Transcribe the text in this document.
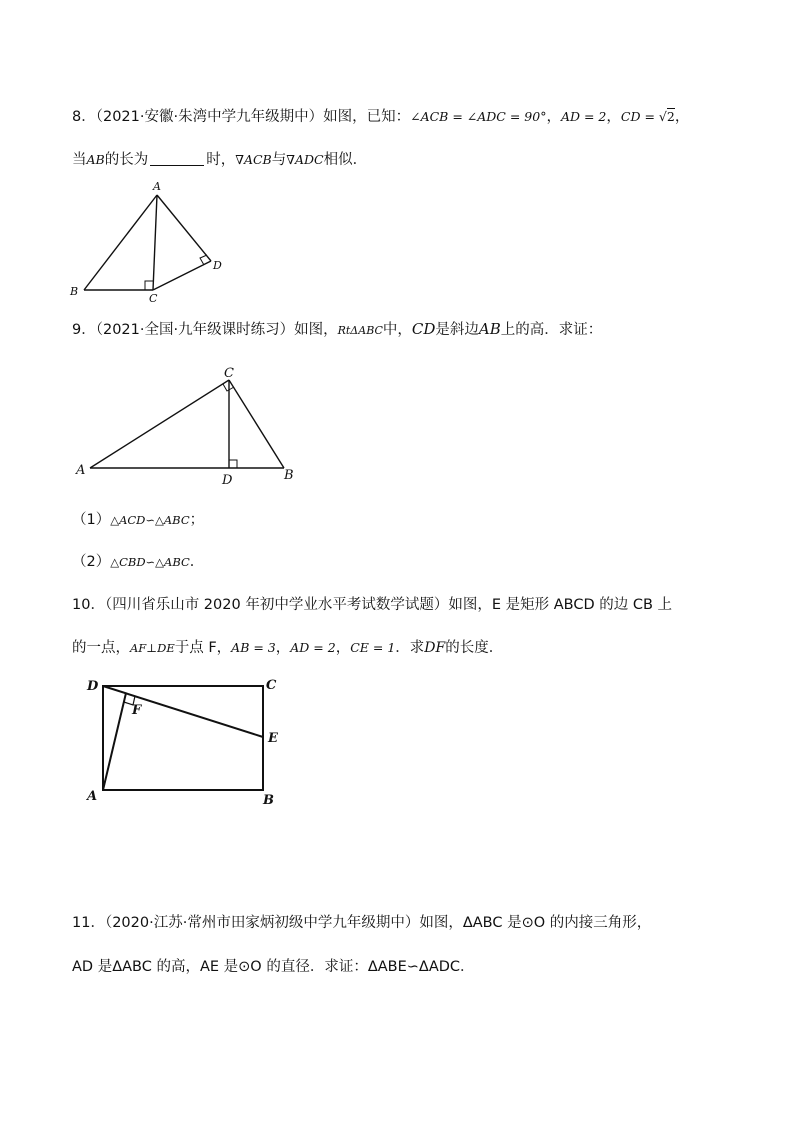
8．（2021·安徽·朱湾中学九年级期中）如图，已知：∠ACB = ∠ADC = 90°，AD = 2，CD = √2，
当AB的长为	时，∇ACB与∇ADC相似．
A
B
C
D
9．（2021·全国·九年级课时练习）如图，RtΔABC中，CD是斜边AB上的高．求证：
A	B
C
D
（1）△ACD∽△ABC；
（2）△CBD∽△ABC．
10．（四川省乐山市 2020 年初中学业水平考试数学试题）如图，E 是矩形 ABCD 的边 CB 上
的一点，AF⊥DE于点 F，AB = 3，AD = 2，CE = 1．求DF的长度．
D	C
E
F
A	B
11．（2020·江苏·常州市田家炳初级中学九年级期中）如图，ΔABC 是⊙O 的内接三角形，
AD 是ΔABC 的高，AE 是⊙O 的直径．求证：ΔABE∽ΔADC．
